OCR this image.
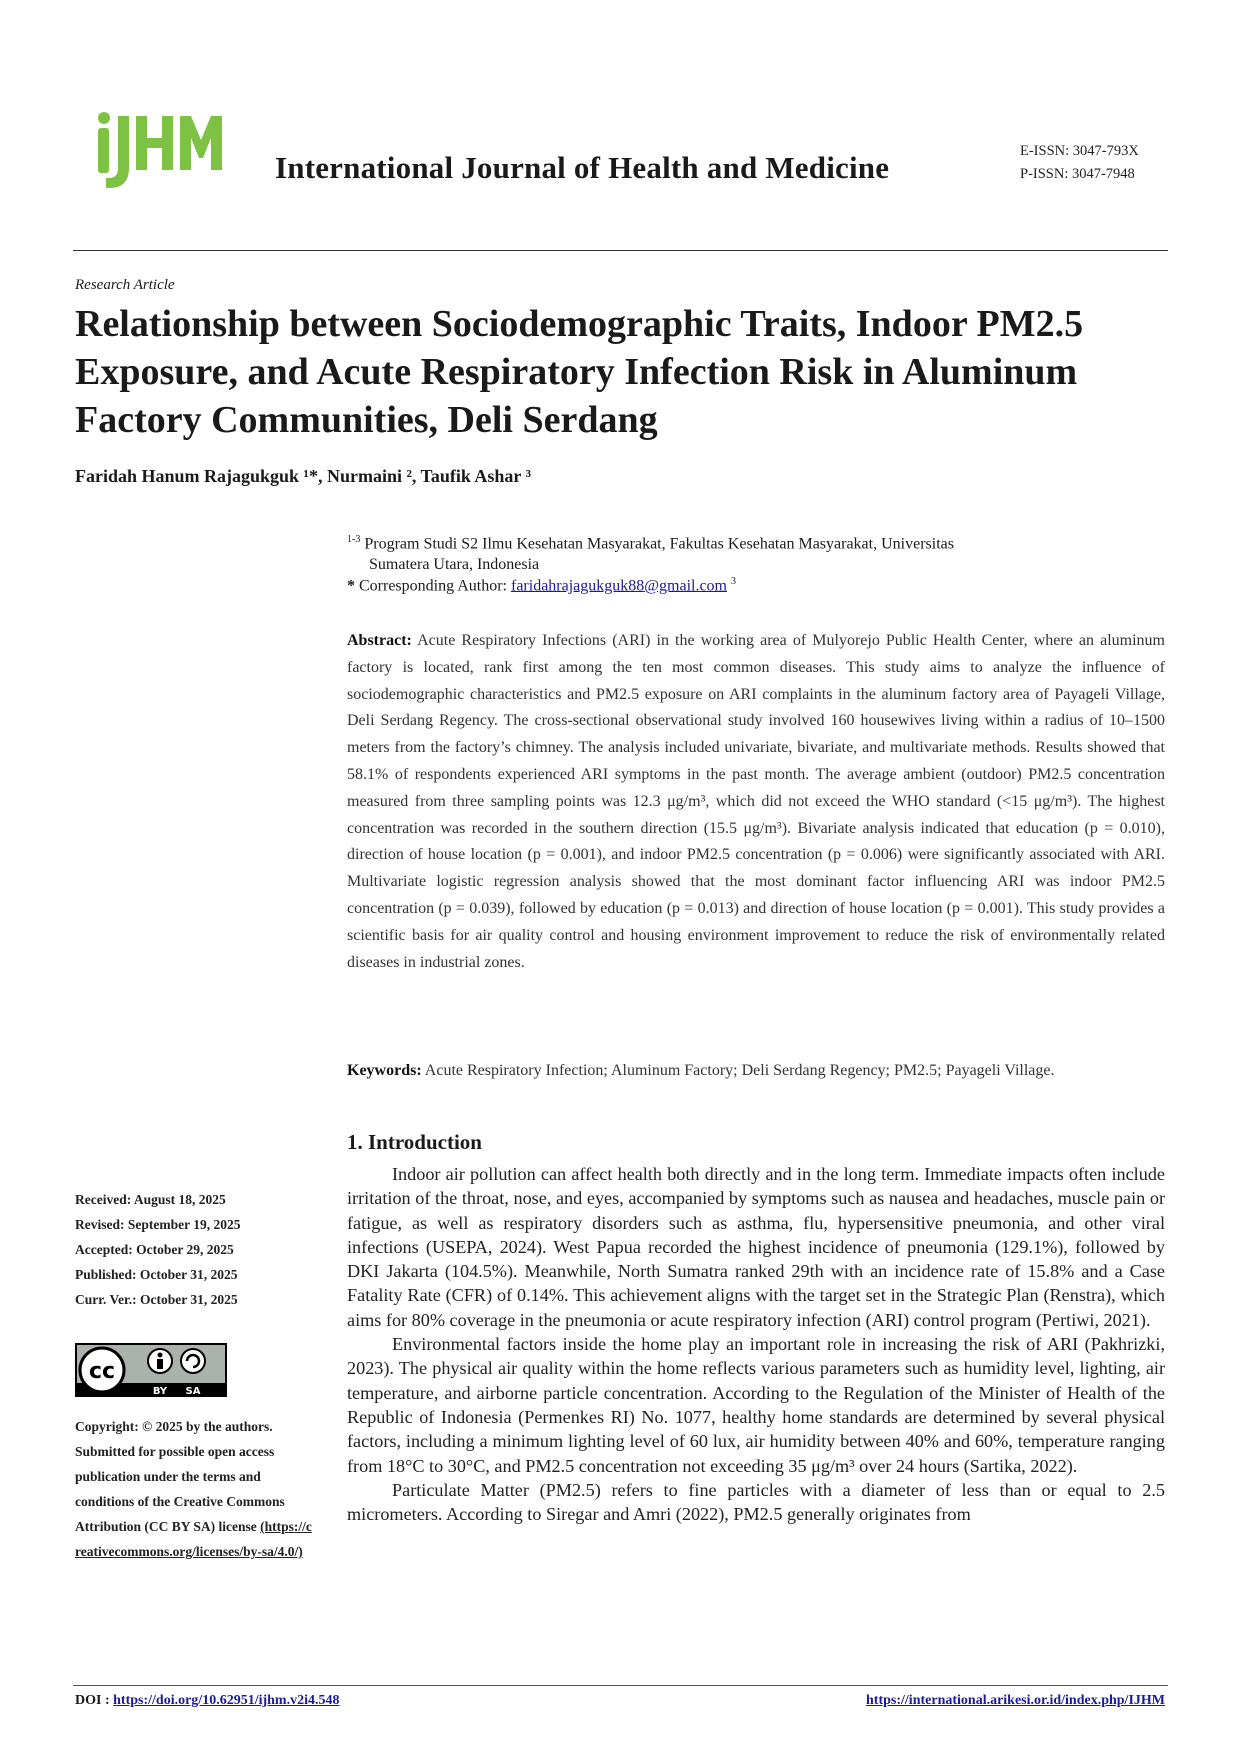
iJHM
International Journal of Health and Medicine	E-ISSN: 3047-793X
P-ISSN: 3047-7948
Research Article
Relationship between Sociodemographic Traits, Indoor PM2.5 Exposure, and Acute Respiratory Infection Risk in Aluminum Factory Communities, Deli Serdang
Faridah Hanum Rajagukguk ¹*, Nurmaini ², Taufik Ashar ³
$^{1-3}$ Program Studi S2 Ilmu Kesehatan Masyarakat, Fakultas Kesehatan Masyarakat, Universitas
Sumatera Utara, Indonesia
* Corresponding Author: faridahrajagukguk88@gmail.com $^3$
Abstract: Acute Respiratory Infections (ARI) in the working area of Mulyorejo Public Health Center, where an aluminum factory is located, rank first among the ten most common diseases. This study aims to analyze the influence of sociodemographic characteristics and PM2.5 exposure on ARI complaints in the aluminum factory area of Payageli Village, Deli Serdang Regency. The cross-sectional observational study involved 160 housewives living within a radius of 10–1500 meters from the factory’s chimney. The analysis included univariate, bivariate, and multivariate methods. Results showed that 58.1% of respondents experienced ARI symptoms in the past month. The average ambient (outdoor) PM2.5 concentration measured from three sampling points was 12.3 μg/m³, which did not exceed the WHO standard (<15 μg/m³). The highest concentration was recorded in the southern direction (15.5 μg/m³). Bivariate analysis indicated that education (p = 0.010), direction of house location (p = 0.001), and indoor PM2.5 concentration (p = 0.006) were significantly associated with ARI. Multivariate logistic regression analysis showed that the most dominant factor influencing ARI was indoor PM2.5 concentration (p = 0.039), followed by education (p = 0.013) and direction of house location (p = 0.001). This study provides a scientific basis for air quality control and housing environment improvement to reduce the risk of environmentally related diseases in industrial zones.
Keywords: Acute Respiratory Infection; Aluminum Factory; Deli Serdang Regency; PM2.5; Payageli Village.
1. Introduction

Indoor air pollution can affect health both directly and in the long term. Immediate impacts often include irritation of the throat, nose, and eyes, accompanied by symptoms such as nausea and headaches, muscle pain or fatigue, as well as respiratory disorders such as asthma, flu, hypersensitive pneumonia, and other viral infections (USEPA, 2024). West Papua recorded the highest incidence of pneumonia (129.1%), followed by DKI Jakarta (104.5%). Meanwhile, North Sumatra ranked 29th with an incidence rate of 15.8% and a Case Fatality Rate (CFR) of 0.14%. This achievement aligns with the target set in the Strategic Plan (Renstra), which aims for 80% coverage in the pneumonia or acute respiratory infection (ARI) control program (Pertiwi, 2021).

Environmental factors inside the home play an important role in increasing the risk of ARI (Pakhrizki, 2023). The physical air quality within the home reflects various parameters such as humidity level, lighting, air temperature, and airborne particle concentration. According to the Regulation of the Minister of Health of the Republic of Indonesia (Permenkes RI) No. 1077, healthy home standards are determined by several physical factors, including a minimum lighting level of 60 lux, air humidity between 40% and 60%, temperature ranging from 18°C to 30°C, and PM2.5 concentration not exceeding 35 μg/m³ over 24 hours (Sartika, 2022).

Particulate Matter (PM2.5) refers to fine particles with a diameter of less than or equal to 2.5 micrometers. According to Siregar and Amri (2022), PM2.5 generally originates from

Received: August 18, 2025
Revised: September 19, 2025
Accepted: October 29, 2025
Published: October 31, 2025
Curr. Ver.: October 31, 2025
cc
BY SA
Copyright: © 2025 by the authors. Submitted for possible open access publication under the terms and conditions of the Creative Commons Attribution (CC BY SA) license (https://creativecommons.org/licenses/by-sa/4.0/)
DOI : https://doi.org/10.62951/ijhm.v2i4.548	https://international.arikesi.or.id/index.php/IJHM
